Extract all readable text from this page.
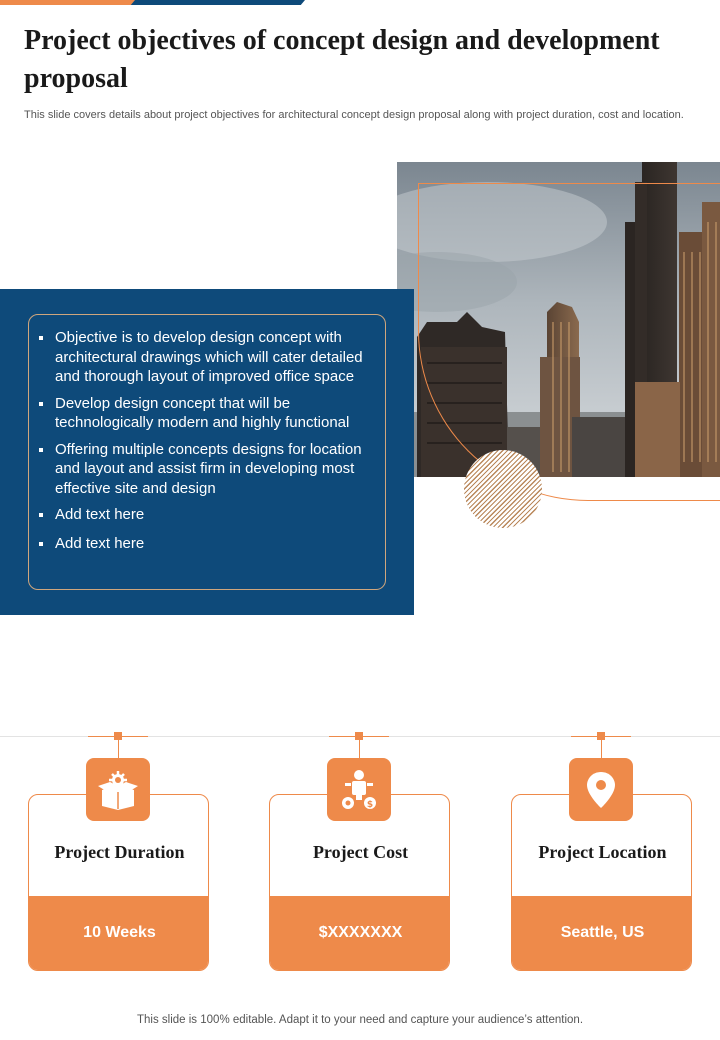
Project objectives of concept design and development proposal

This slide covers details about project objectives for architectural concept design proposal along with project duration, cost and location.

Objective is to develop design concept with architectural drawings which will cater detailed and thorough layout of improved office space
Develop design concept that will be technologically modern and highly functional
Offering multiple concepts designs for location and layout and assist firm in developing most effective site and design
Add text here
Add text here
Project Duration
10 Weeks
Project Cost
$XXXXXXX
$
Project Location
Seattle, US
This slide is 100% editable. Adapt it to your need and capture your audience’s attention.
